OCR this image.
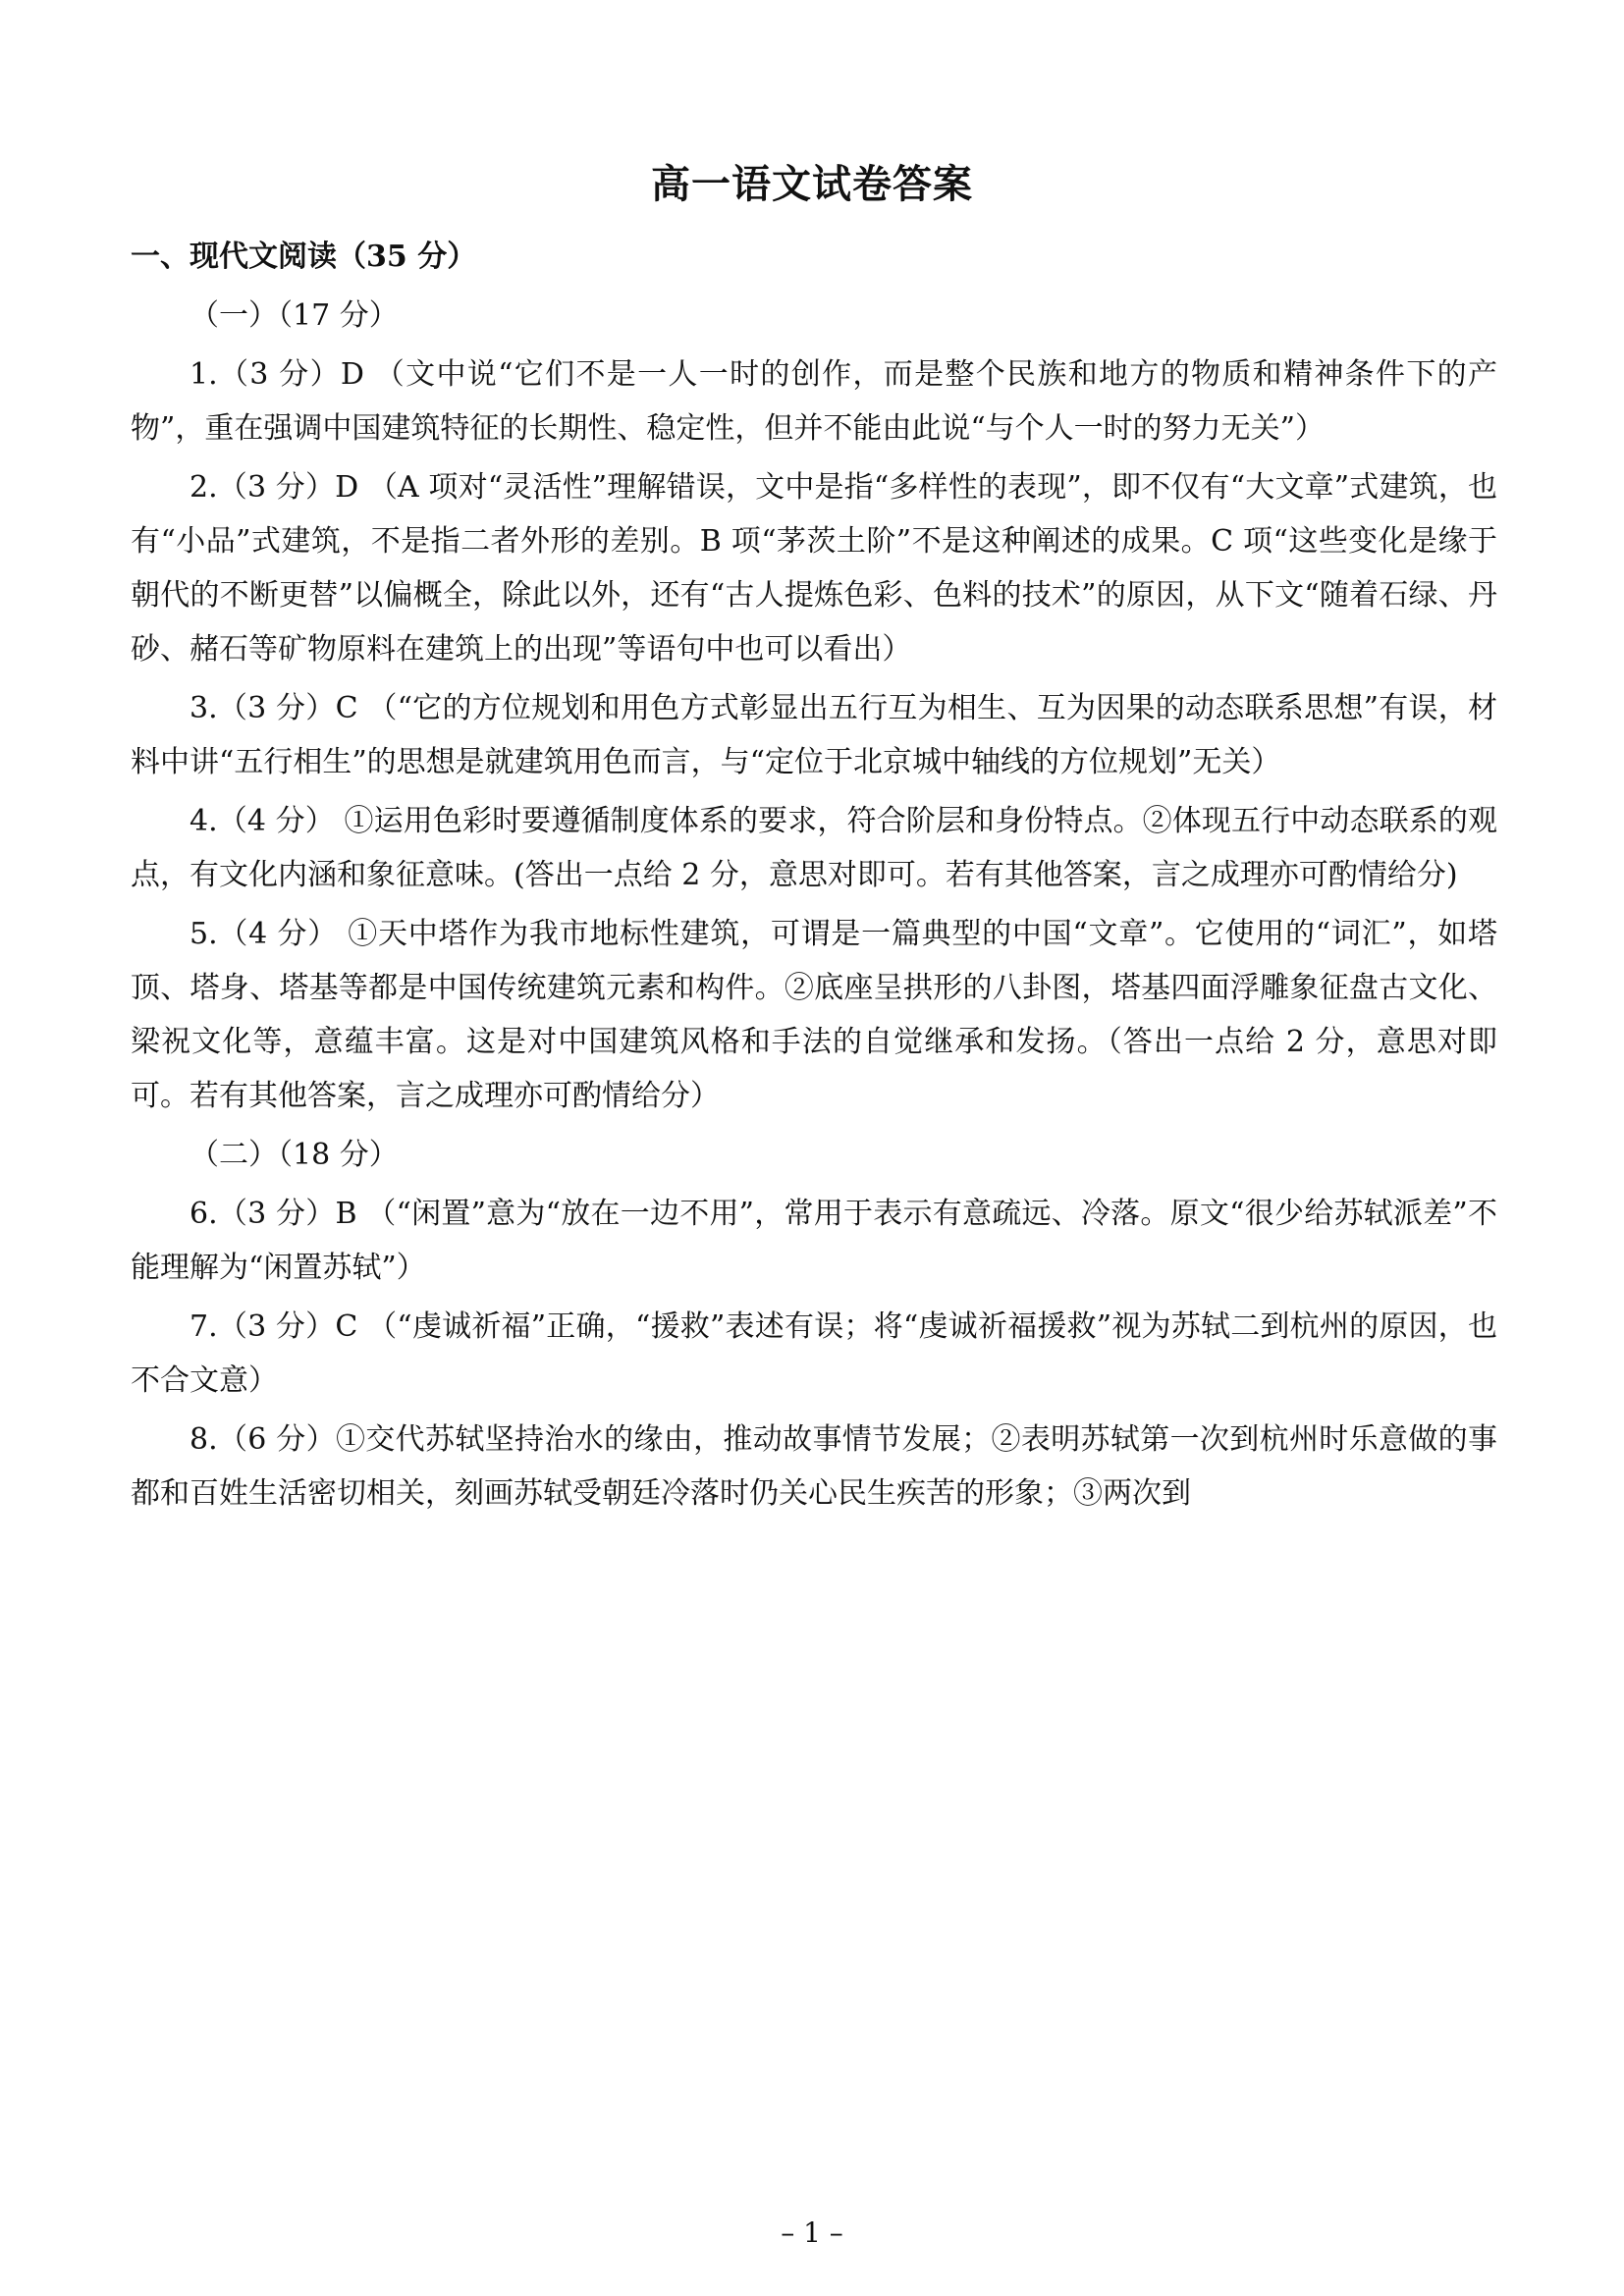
高一语文试卷答案

一、现代文阅读（35 分）

（一）（17 分）

1.（3 分）D （文中说“它们不是一人一时的创作，而是整个民族和地方的物质和精神条件下的产物”，重在强调中国建筑特征的长期性、稳定性，但并不能由此说“与个人一时的努力无关”）

2.（3 分）D （A 项对“灵活性”理解错误，文中是指“多样性的表现”，即不仅有“大文章”式建筑，也有“小品”式建筑，不是指二者外形的差别。B 项“茅茨土阶”不是这种阐述的成果。C 项“这些变化是缘于朝代的不断更替”以偏概全，除此以外，还有“古人提炼色彩、色料的技术”的原因，从下文“随着石绿、丹砂、赭石等矿物原料在建筑上的出现”等语句中也可以看出）

3.（3 分）C （“它的方位规划和用色方式彰显出五行互为相生、互为因果的动态联系思想”有误，材料中讲“五行相生”的思想是就建筑用色而言，与“定位于北京城中轴线的方位规划”无关）

4.（4 分） ①运用色彩时要遵循制度体系的要求，符合阶层和身份特点。②体现五行中动态联系的观点，有文化内涵和象征意味。(答出一点给 2 分，意思对即可。若有其他答案，言之成理亦可酌情给分)

5.（4 分） ①天中塔作为我市地标性建筑，可谓是一篇典型的中国“文章”。它使用的“词汇”，如塔顶、塔身、塔基等都是中国传统建筑元素和构件。②底座呈拱形的八卦图，塔基四面浮雕象征盘古文化、梁祝文化等，意蕴丰富。这是对中国建筑风格和手法的自觉继承和发扬。（答出一点给 2 分，意思对即可。若有其他答案，言之成理亦可酌情给分）

（二）（18 分）

6.（3 分）B （“闲置”意为“放在一边不用”，常用于表示有意疏远、冷落。原文“很少给苏轼派差”不能理解为“闲置苏轼”）

7.（3 分）C （“虔诚祈福”正确，“援救”表述有误；将“虔诚祈福援救”视为苏轼二到杭州的原因，也不合文意）

8.（6 分）①交代苏轼坚持治水的缘由，推动故事情节发展；②表明苏轼第一次到杭州时乐意做的事都和百姓生活密切相关，刻画苏轼受朝廷冷落时仍关心民生疾苦的形象；③两次到

– 1 –
